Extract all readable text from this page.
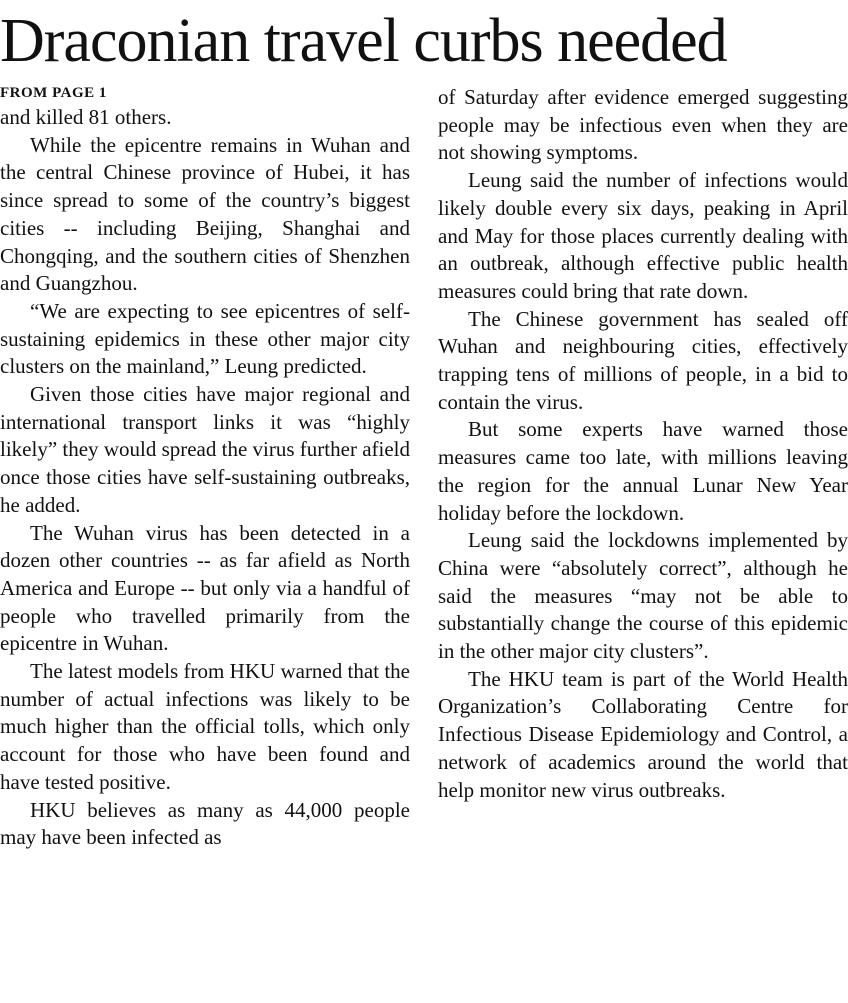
Draconian travel curbs needed
FROM PAGE 1

and killed 81 others.

While the epicentre remains in Wuhan and the central Chinese province of Hubei, it has since spread to some of the country’s biggest cities -- including Beijing, Shanghai and Chongqing, and the southern cities of Shenzhen and Guangzhou.

“We are expecting to see epicentres of self-sustaining epidemics in these other major city clusters on the mainland,” Leung predicted.

Given those cities have major regional and international transport links it was “highly likely” they would spread the virus further afield once those cities have self-sustaining outbreaks, he added.

The Wuhan virus has been detected in a dozen other countries -- as far afield as North America and Europe -- but only via a handful of people who travelled primarily from the epicentre in Wuhan.

The latest models from HKU warned that the number of actual infections was likely to be much higher than the official tolls, which only account for those who have been found and have tested positive.

HKU believes as many as 44,000 people may have been infected as

of Saturday after evidence emerged suggesting people may be infectious even when they are not showing symptoms.

Leung said the number of infections would likely double every six days, peaking in April and May for those places currently dealing with an outbreak, although effective public health measures could bring that rate down.

The Chinese government has sealed off Wuhan and neighbouring cities, effectively trapping tens of millions of people, in a bid to contain the virus.

But some experts have warned those measures came too late, with millions leaving the region for the annual Lunar New Year holiday before the lockdown.

Leung said the lockdowns implemented by China were “absolutely correct”, although he said the measures “may not be able to substantially change the course of this epidemic in the other major city clusters”.

The HKU team is part of the World Health Organization’s Collaborating Centre for Infectious Disease Epidemiology and Control, a network of academics around the world that help monitor new virus outbreaks.
